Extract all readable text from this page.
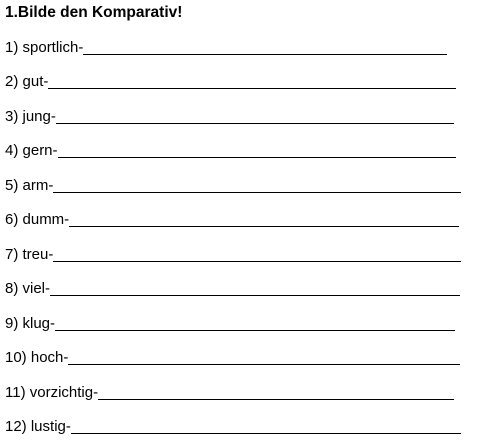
1.Bilde den Komparativ!
1) sportlich-
2) gut-
3) jung-
4) gern-
5) arm-
6) dumm-
7) treu-
8) viel-
9) klug-
10) hoch-
11) vorzichtig-
12) lustig-
